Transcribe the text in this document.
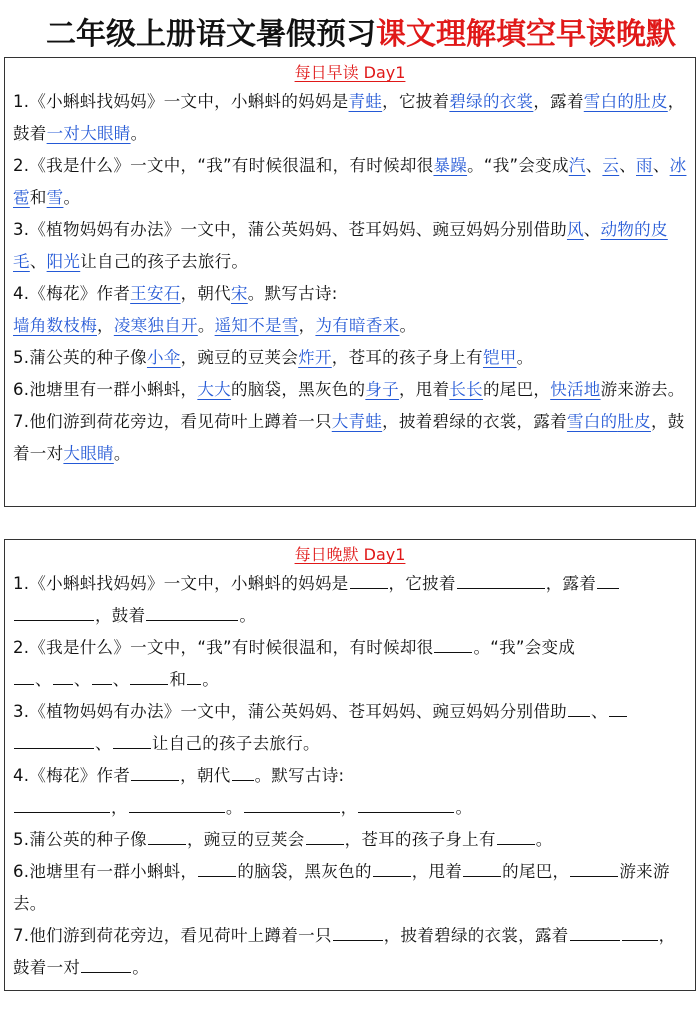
二年级上册语文暑假预习课文理解填空早读晚默
每日早读 Day1

1.《小蝌蚪找妈妈》一文中，小蝌蚪的妈妈是青蛙，它披着碧绿的衣裳，露着雪白的肚皮，鼓着一对大眼睛。

2.《我是什么》一文中，“我”有时候很温和，有时候却很暴躁。“我”会变成汽、云、雨、冰雹和雪。

3.《植物妈妈有办法》一文中，蒲公英妈妈、苍耳妈妈、豌豆妈妈分别借助风、动物的皮毛、阳光让自己的孩子去旅行。

4.《梅花》作者王安石，朝代宋。默写古诗:
墙角数枝梅，凌寒独自开。遥知不是雪，为有暗香来。

5.蒲公英的种子像小伞，豌豆的豆荚会炸开，苍耳的孩子身上有铠甲。

6.池塘里有一群小蝌蚪，大大的脑袋，黑灰色的身子，甩着长长的尾巴，快活地游来游去。

7.他们游到荷花旁边，看见荷叶上蹲着一只大青蛙，披着碧绿的衣裳，露着雪白的肚皮，鼓着一对大眼睛。

每日晚默 Day1

1.《小蝌蚪找妈妈》一文中，小蝌蚪的妈妈是 ，它披着	，露着，鼓着	。

2.《我是什么》一文中，“我”有时候很温和，有时候却很 。“我”会变成
、 、 、 和 。

3.《植物妈妈有办法》一文中，蒲公英妈妈、苍耳妈妈、豌豆妈妈分别借助 、、 让自己的孩子去旅行。

4.《梅花》作者	，朝代 。默写古诗:
，	。	，	。

5.蒲公英的种子像 ，豌豆的豆荚会 ，苍耳的孩子身上有 。

6.池塘里有一群小蝌蚪， 的脑袋，黑灰色的 ，甩着 的尾巴，	游来游去。

7.他们游到荷花旁边，看见荷叶上蹲着一只	，披着碧绿的衣裳，露着	，鼓着一对	。
